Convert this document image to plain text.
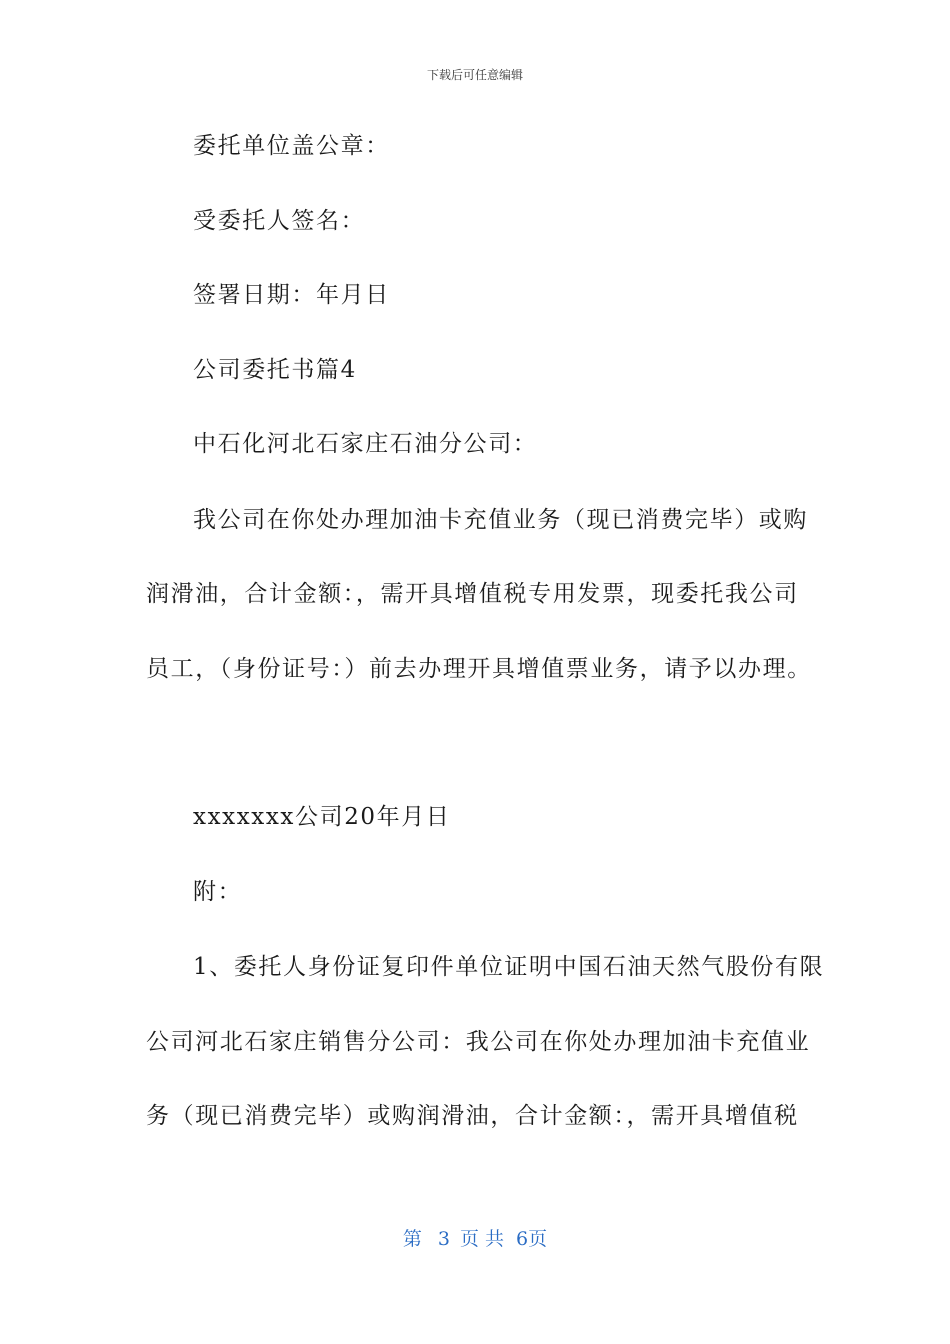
下载后可任意编辑
委托单位盖公章：
受委托人签名：
签署日期：年月日
公司委托书篇4
中石化河北石家庄石油分公司：
我公司在你处办理加油卡充值业务（现已消费完毕）或购
润滑油，合计金额：，需开具增值税专用发票，现委托我公司
员工，（身份证号：）前去办理开具增值票业务，请予以办理。
xxxxxxx公司20年月日
附：
1、委托人身份证复印件单位证明中国石油天然气股份有限
公司河北石家庄销售分公司：我公司在你处办理加油卡充值业
务（现已消费完毕）或购润滑油，合计金额：，需开具增值税
第 3 页 共 6页
